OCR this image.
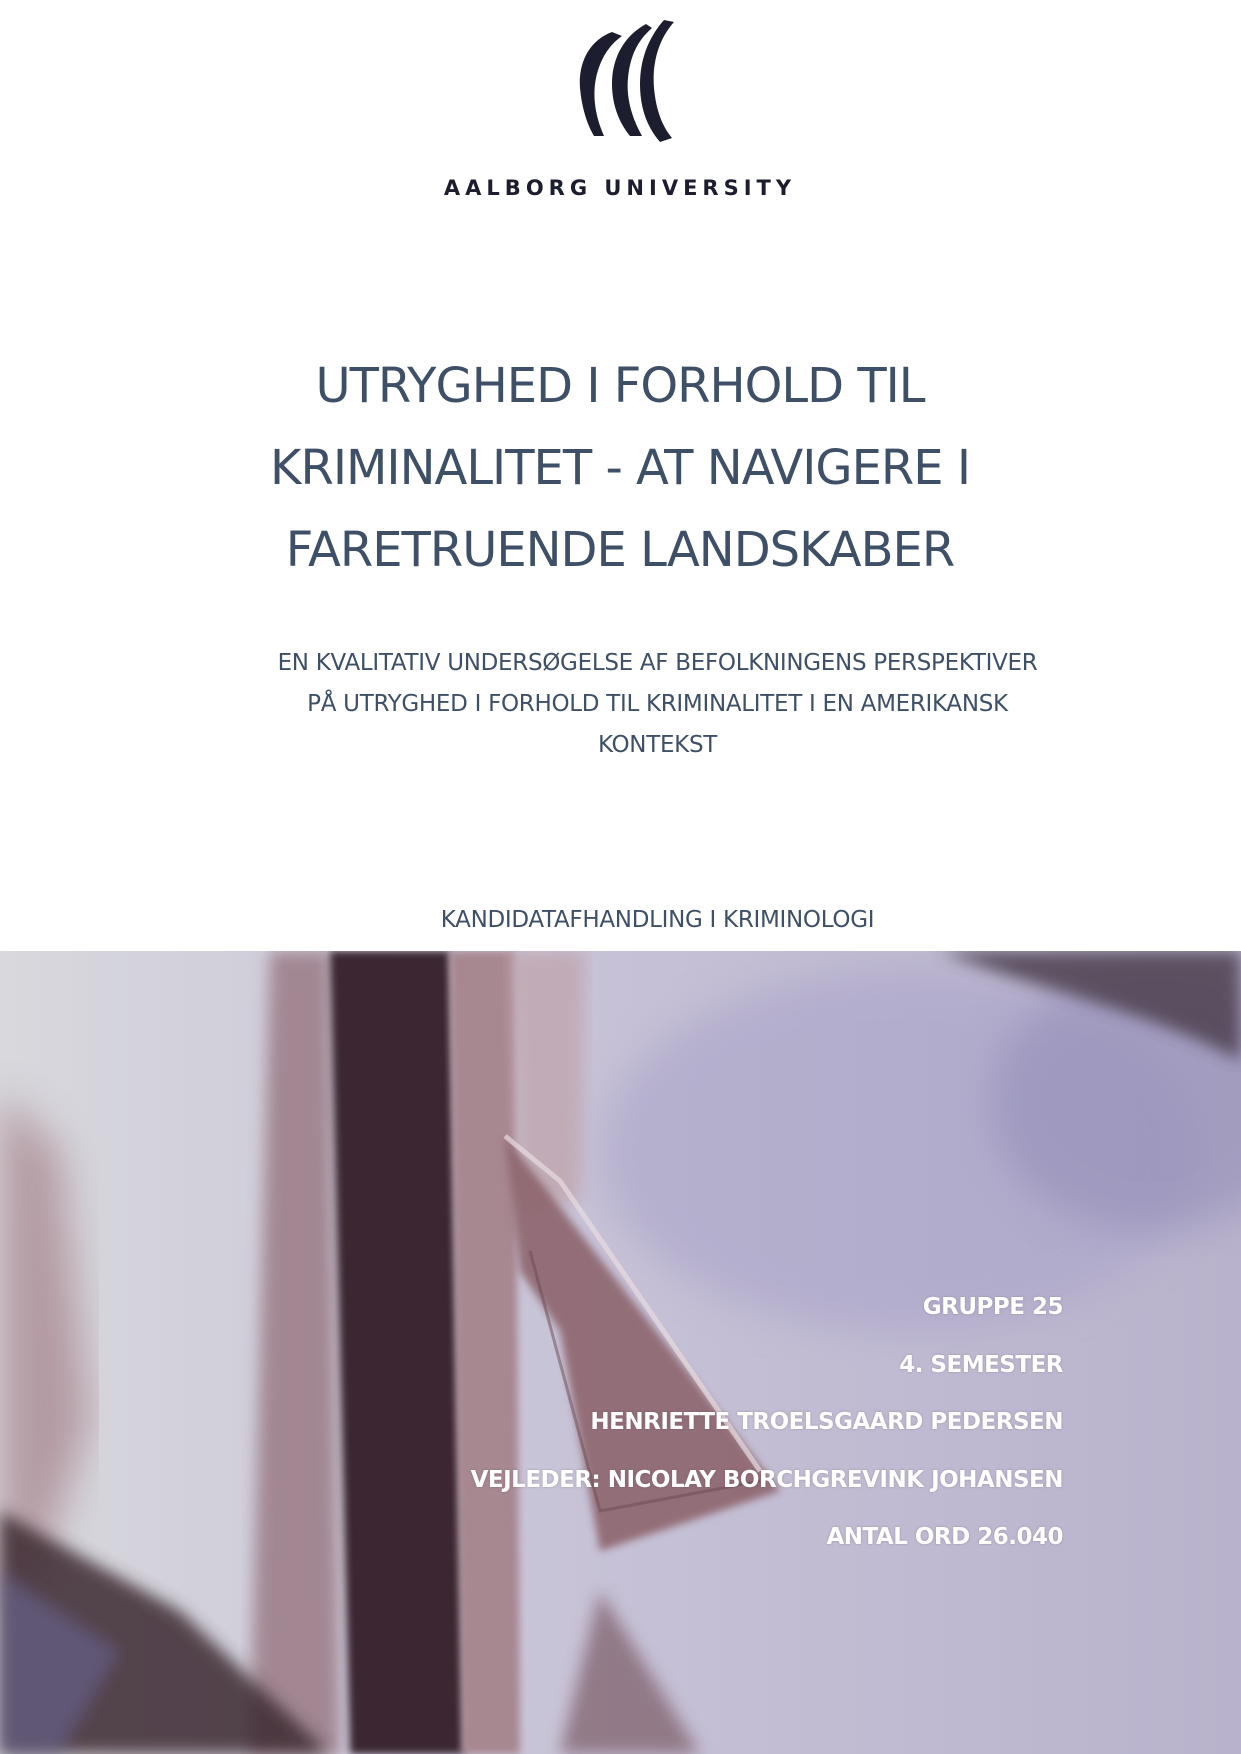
AALBORG UNIVERSITY
UTRYGHED I FORHOLD TIL
KRIMINALITET - AT NAVIGERE I
FARETRUENDE LANDSKABER
EN KVALITATIV UNDERSØGELSE AF BEFOLKNINGENS PERSPEKTIVER
PÅ UTRYGHED I FORHOLD TIL KRIMINALITET I EN AMERIKANSK
KONTEKST
KANDIDATAFHANDLING I KRIMINOLOGI
GRUPPE 25
4. SEMESTER
HENRIETTE TROELSGAARD PEDERSEN
VEJLEDER: NICOLAY BORCHGREVINK JOHANSEN
ANTAL ORD 26.040
